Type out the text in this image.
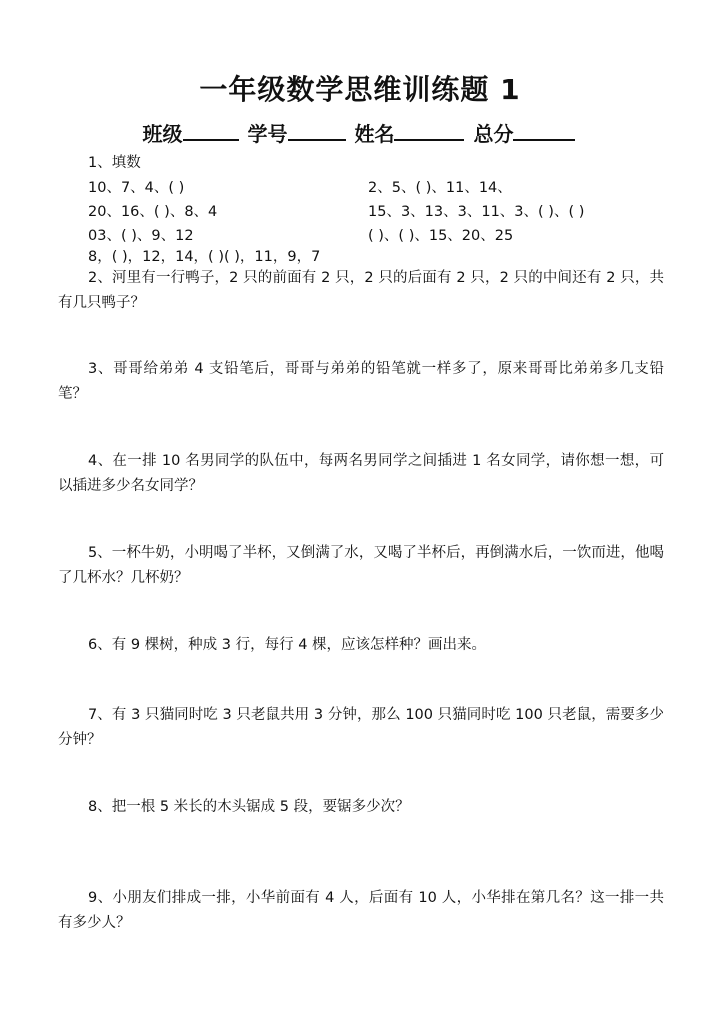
一年级数学思维训练题 1
班级	学号	姓名	总分
1、填数
10、7、4、( )	2、5、( )、11、14、
20、16、( )、8、4	15、3、13、3、11、3、( )、( )
03、( )、9、12	( )、( )、15、20、25
8，( )，12，14，( )( )，11，9，7
2、河里有一行鸭子，2 只的前面有 2 只，2 只的后面有 2 只，2 只的中间还有 2 只，共有几只鸭子？
3、哥哥给弟弟 4 支铅笔后，哥哥与弟弟的铅笔就一样多了，原来哥哥比弟弟多几支铅笔？
4、在一排 10 名男同学的队伍中，每两名男同学之间插进 1 名女同学，请你想一想，可以插进多少名女同学？
5、一杯牛奶，小明喝了半杯，又倒满了水，又喝了半杯后，再倒满水后，一饮而进，他喝了几杯水？几杯奶？
6、有 9 棵树，种成 3 行，每行 4 棵，应该怎样种？画出来。
7、有 3 只猫同时吃 3 只老鼠共用 3 分钟，那么 100 只猫同时吃 100 只老鼠，需要多少分钟？
8、把一根 5 米长的木头锯成 5 段，要锯多少次？
9、小朋友们排成一排，小华前面有 4 人，后面有 10 人，小华排在第几名？这一排一共有多少人？
